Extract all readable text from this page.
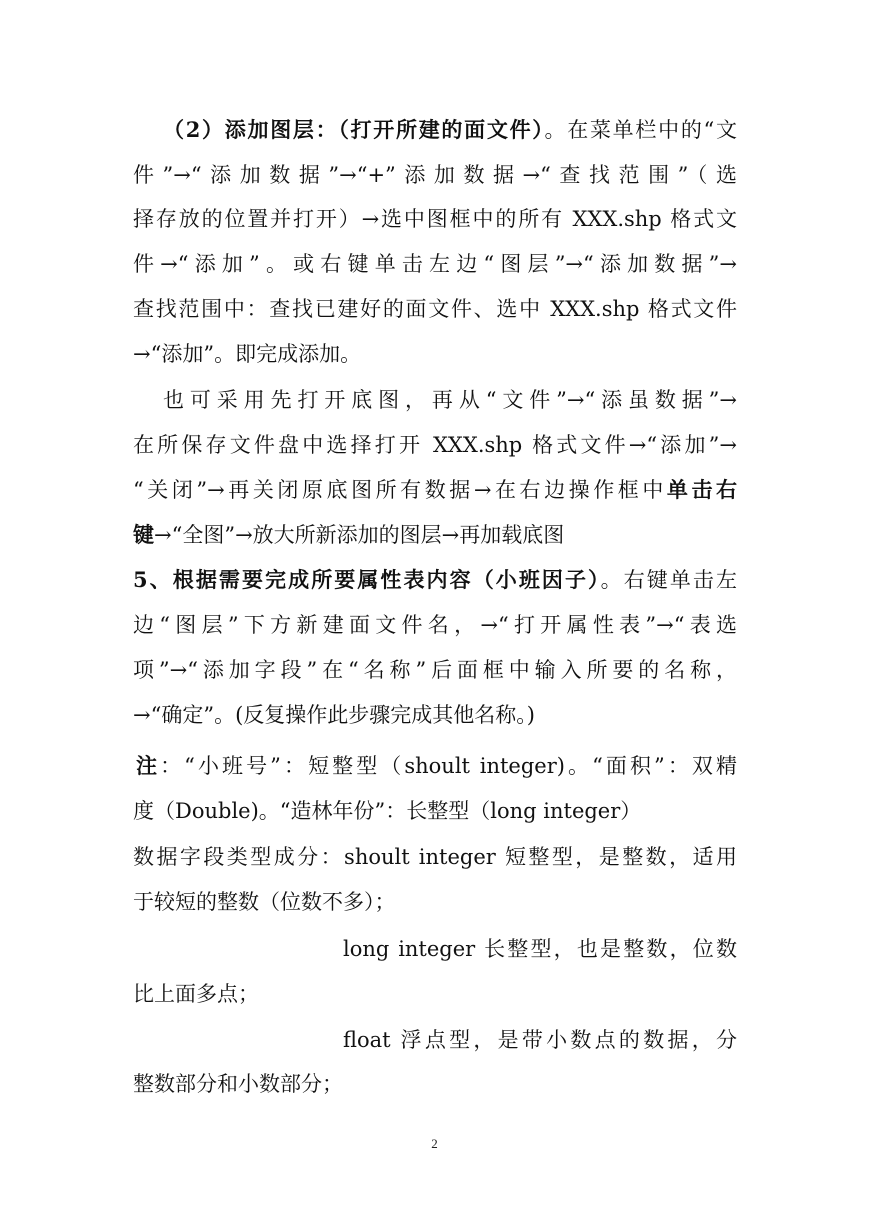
（2）添加图层：（打开所建的面文件）。在菜单栏中的“文
件”→“添加数据”→“+”添加数据→“查找范围”（选
择存放的位置并打开）→选中图框中的所有 XXX.shp 格式文
件→“添加”。或右键单击左边“图层”→“添加数据”→
查找范围中：查找已建好的面文件、选中 XXX.shp 格式文件
→“添加”。即完成添加。
也可采用先打开底图，再从“文件”→“添虽数据”→
在所保存文件盘中选择打开 XXX.shp 格式文件→“添加”→
“关闭”→再关闭原底图所有数据→在右边操作框中单击右
键→“全图”→放大所新添加的图层→再加载底图
5、根据需要完成所要属性表内容（小班因子）。右键单击左
边“图层”下方新建面文件名，→“打开属性表”→“表选
项”→“添加字段”在“名称”后面框中输入所要的名称，
→“确定”。(反复操作此步骤完成其他名称。)
注：“小班号”：短整型（shoult integer)。“面积”：双精
度（Double)。“造林年份”：长整型（long integer）
数据字段类型成分：shoult integer 短整型，是整数，适用
于较短的整数（位数不多）；
long integer 长整型，也是整数，位数
比上面多点；
float 浮点型，是带小数点的数据，分
整数部分和小数部分；
2
